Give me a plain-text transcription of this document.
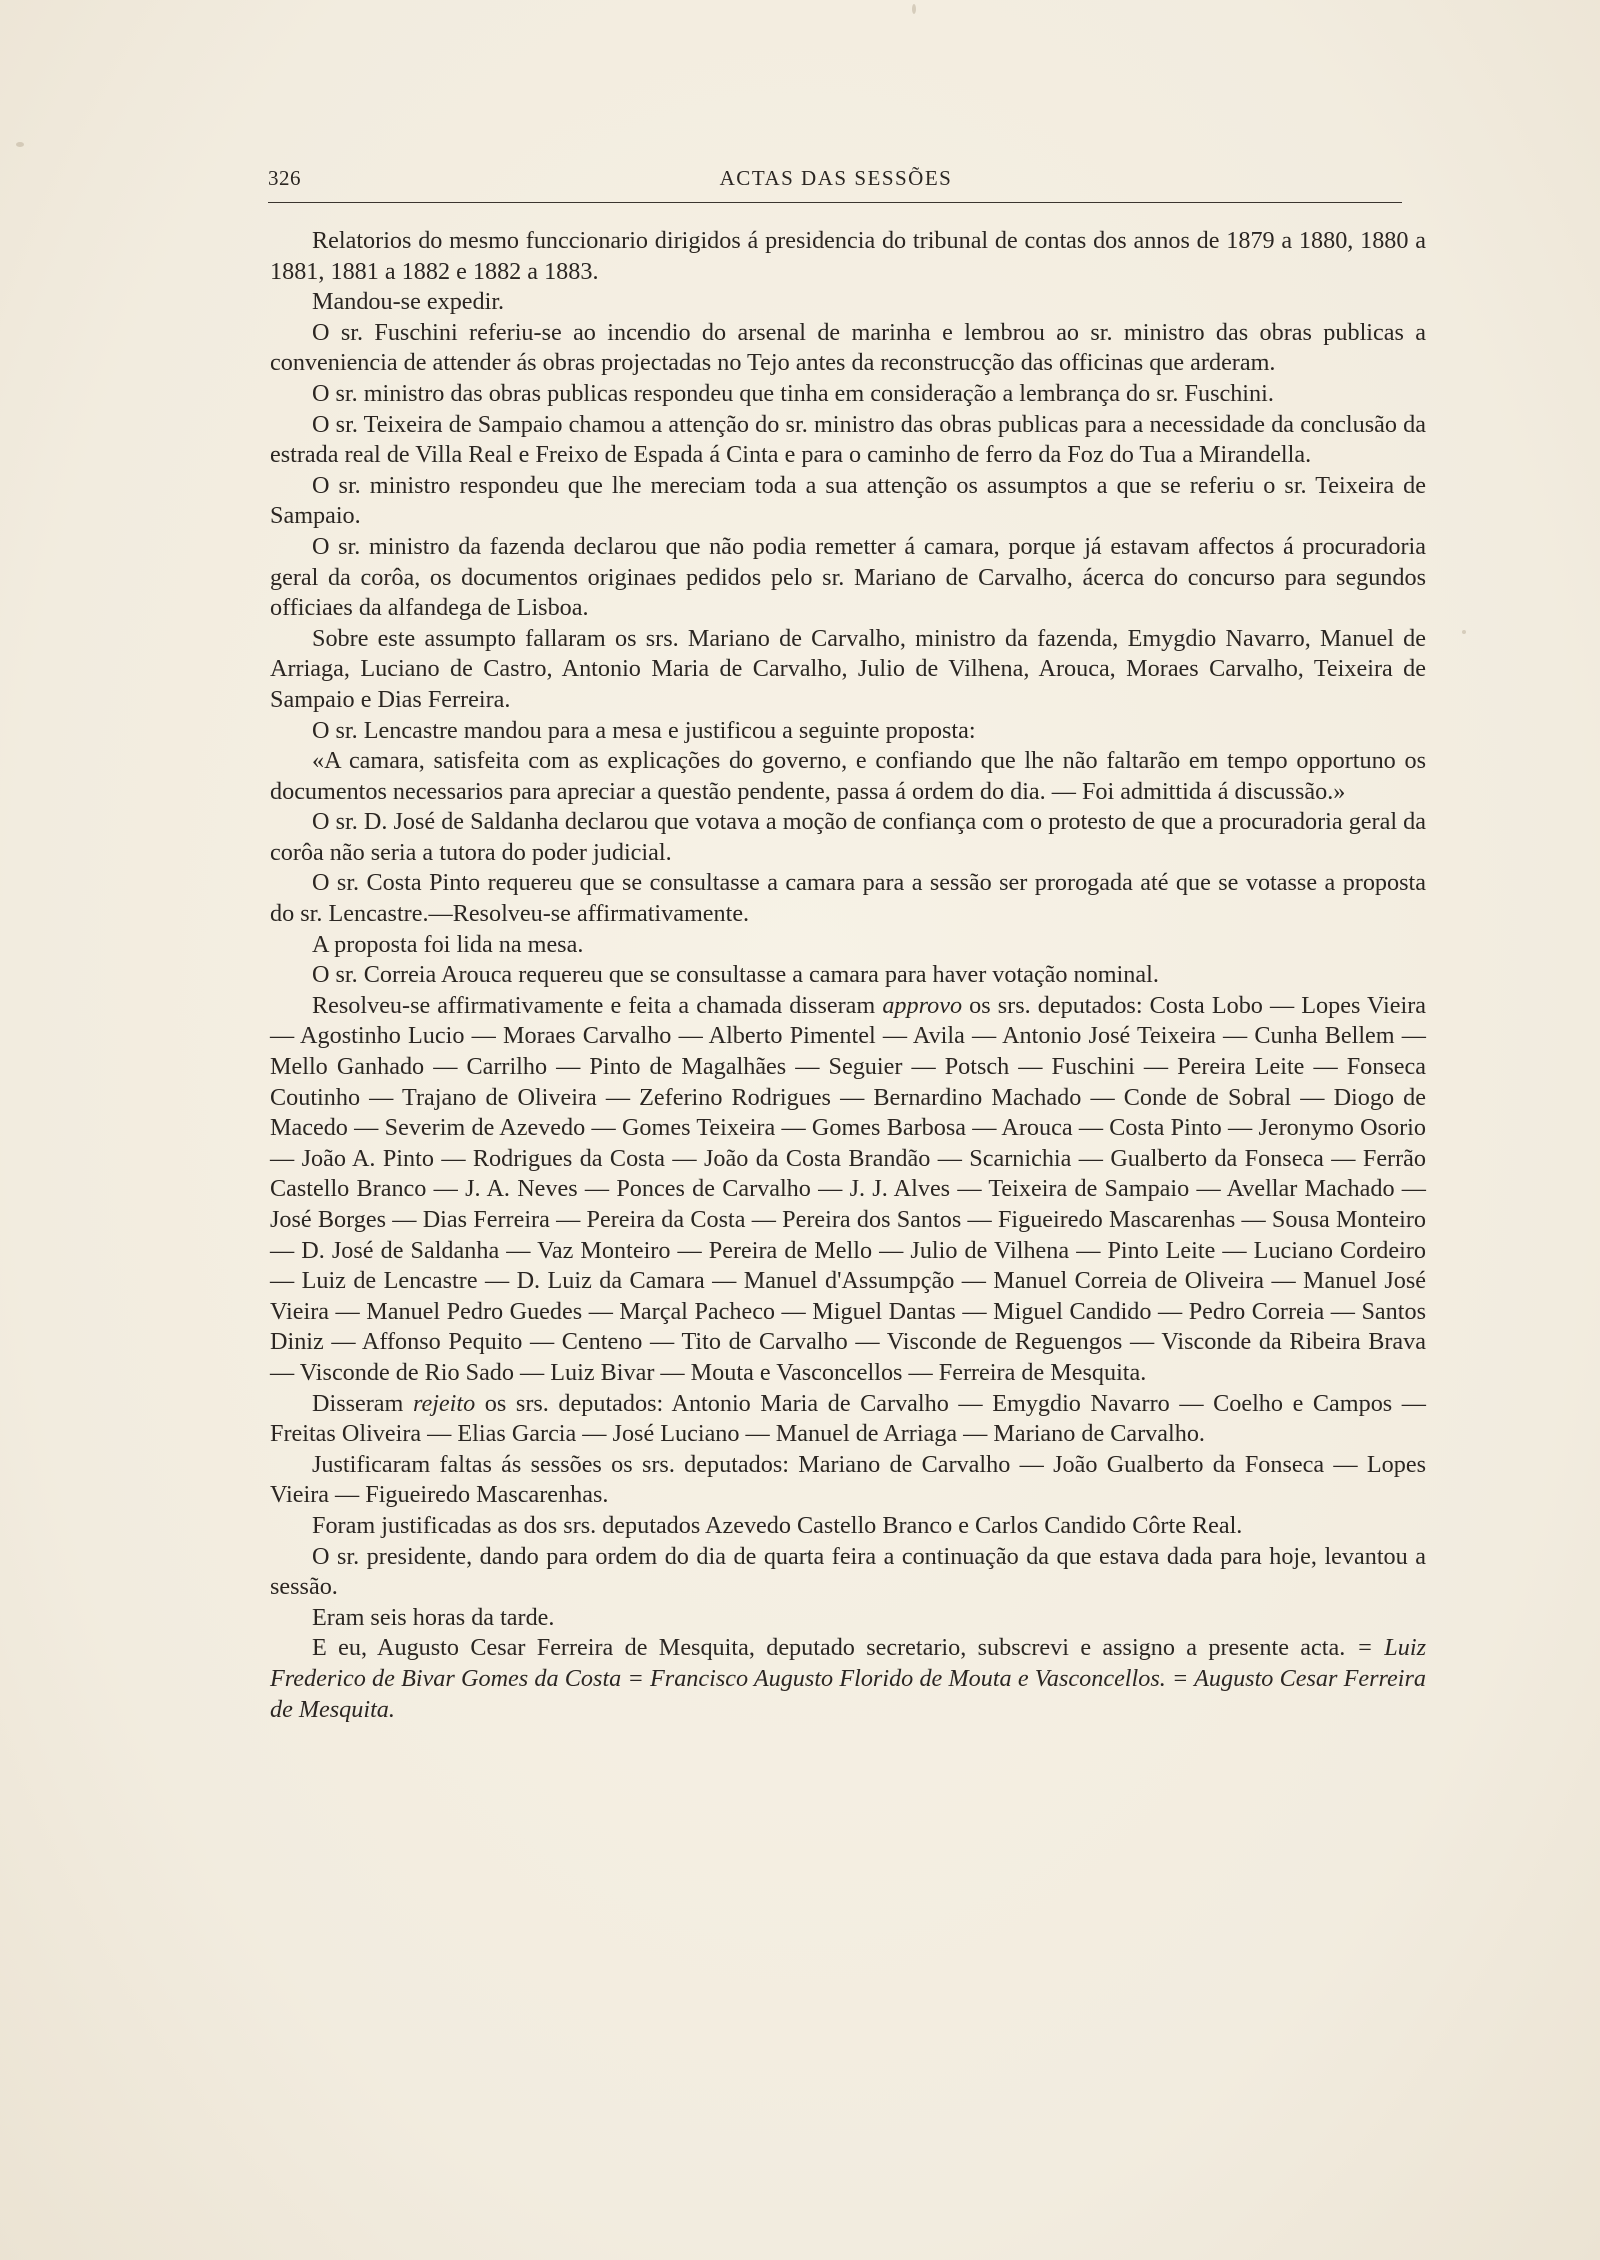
326	ACTAS DAS SESSÕES

Relatorios do mesmo funccionario dirigidos á presidencia do tribunal de contas dos annos de 1879 a 1880, 1880 a 1881, 1881 a 1882 e 1882 a 1883.

Mandou-se expedir.

O sr. Fuschini referiu-se ao incendio do arsenal de marinha e lembrou ao sr. ministro das obras publicas a conveniencia de attender ás obras projectadas no Tejo antes da reconstrucção das officinas que arderam.

O sr. ministro das obras publicas respondeu que tinha em consideração a lembrança do sr. Fuschini.

O sr. Teixeira de Sampaio chamou a attenção do sr. ministro das obras publicas para a necessidade da conclusão da estrada real de Villa Real e Freixo de Espada á Cinta e para o caminho de ferro da Foz do Tua a Mirandella.

O sr. ministro respondeu que lhe mereciam toda a sua attenção os assumptos a que se referiu o sr. Teixeira de Sampaio.

O sr. ministro da fazenda declarou que não podia remetter á camara, porque já estavam affectos á procuradoria geral da corôa, os documentos originaes pedidos pelo sr. Mariano de Carvalho, ácerca do concurso para segundos officiaes da alfandega de Lisboa.

Sobre este assumpto fallaram os srs. Mariano de Carvalho, ministro da fazenda, Emygdio Navarro, Manuel de Arriaga, Luciano de Castro, Antonio Maria de Carvalho, Julio de Vilhena, Arouca, Moraes Carvalho, Teixeira de Sampaio e Dias Ferreira.

O sr. Lencastre mandou para a mesa e justificou a seguinte proposta:

«A camara, satisfeita com as explicações do governo, e confiando que lhe não faltarão em tempo opportuno os documentos necessarios para apreciar a questão pendente, passa á ordem do dia. — Foi admittida á discussão.»

O sr. D. José de Saldanha declarou que votava a moção de confiança com o protesto de que a procuradoria geral da corôa não seria a tutora do poder judicial.

O sr. Costa Pinto requereu que se consultasse a camara para a sessão ser prorogada até que se votasse a proposta do sr. Lencastre.—Resolveu-se affirmativamente.

A proposta foi lida na mesa.

O sr. Correia Arouca requereu que se consultasse a camara para haver votação nominal.

Resolveu-se affirmativamente e feita a chamada disseram approvo os srs. deputados: Costa Lobo — Lopes Vieira — Agostinho Lucio — Moraes Carvalho — Alberto Pimentel — Avila — Antonio José Teixeira — Cunha Bellem — Mello Ganhado — Carrilho — Pinto de Magalhães — Seguier — Potsch — Fuschini — Pereira Leite — Fonseca Coutinho — Trajano de Oliveira — Zeferino Rodrigues — Bernardino Machado — Conde de Sobral — Diogo de Macedo — Severim de Azevedo — Gomes Teixeira — Gomes Barbosa — Arouca — Costa Pinto — Jeronymo Osorio — João A. Pinto — Rodrigues da Costa — João da Costa Brandão — Scarnichia — Gualberto da Fonseca — Ferrão Castello Branco — J. A. Neves — Ponces de Carvalho — J. J. Alves — Teixeira de Sampaio — Avellar Machado — José Borges — Dias Ferreira — Pereira da Costa — Pereira dos Santos — Figueiredo Mascarenhas — Sousa Monteiro — D. José de Saldanha — Vaz Monteiro — Pereira de Mello — Julio de Vilhena — Pinto Leite — Luciano Cordeiro — Luiz de Lencastre — D. Luiz da Camara — Manuel d'Assumpção — Manuel Correia de Oliveira — Manuel José Vieira — Manuel Pedro Guedes — Marçal Pacheco — Miguel Dantas — Miguel Candido — Pedro Correia — Santos Diniz — Affonso Pequito — Centeno — Tito de Carvalho — Visconde de Reguengos — Visconde da Ribeira Brava — Visconde de Rio Sado — Luiz Bivar — Mouta e Vasconcellos — Ferreira de Mesquita.

Disseram rejeito os srs. deputados: Antonio Maria de Carvalho — Emygdio Navarro — Coelho e Campos — Freitas Oliveira — Elias Garcia — José Luciano — Manuel de Arriaga — Mariano de Carvalho.

Justificaram faltas ás sessões os srs. deputados: Mariano de Carvalho — João Gualberto da Fonseca — Lopes Vieira — Figueiredo Mascarenhas.

Foram justificadas as dos srs. deputados Azevedo Castello Branco e Carlos Candido Côrte Real.

O sr. presidente, dando para ordem do dia de quarta feira a continuação da que estava dada para hoje, levantou a sessão.

Eram seis horas da tarde.

E eu, Augusto Cesar Ferreira de Mesquita, deputado secretario, subscrevi e assigno a presente acta. = Luiz Frederico de Bivar Gomes da Costa = Francisco Augusto Florido de Mouta e Vasconcellos. = Augusto Cesar Ferreira de Mesquita.
